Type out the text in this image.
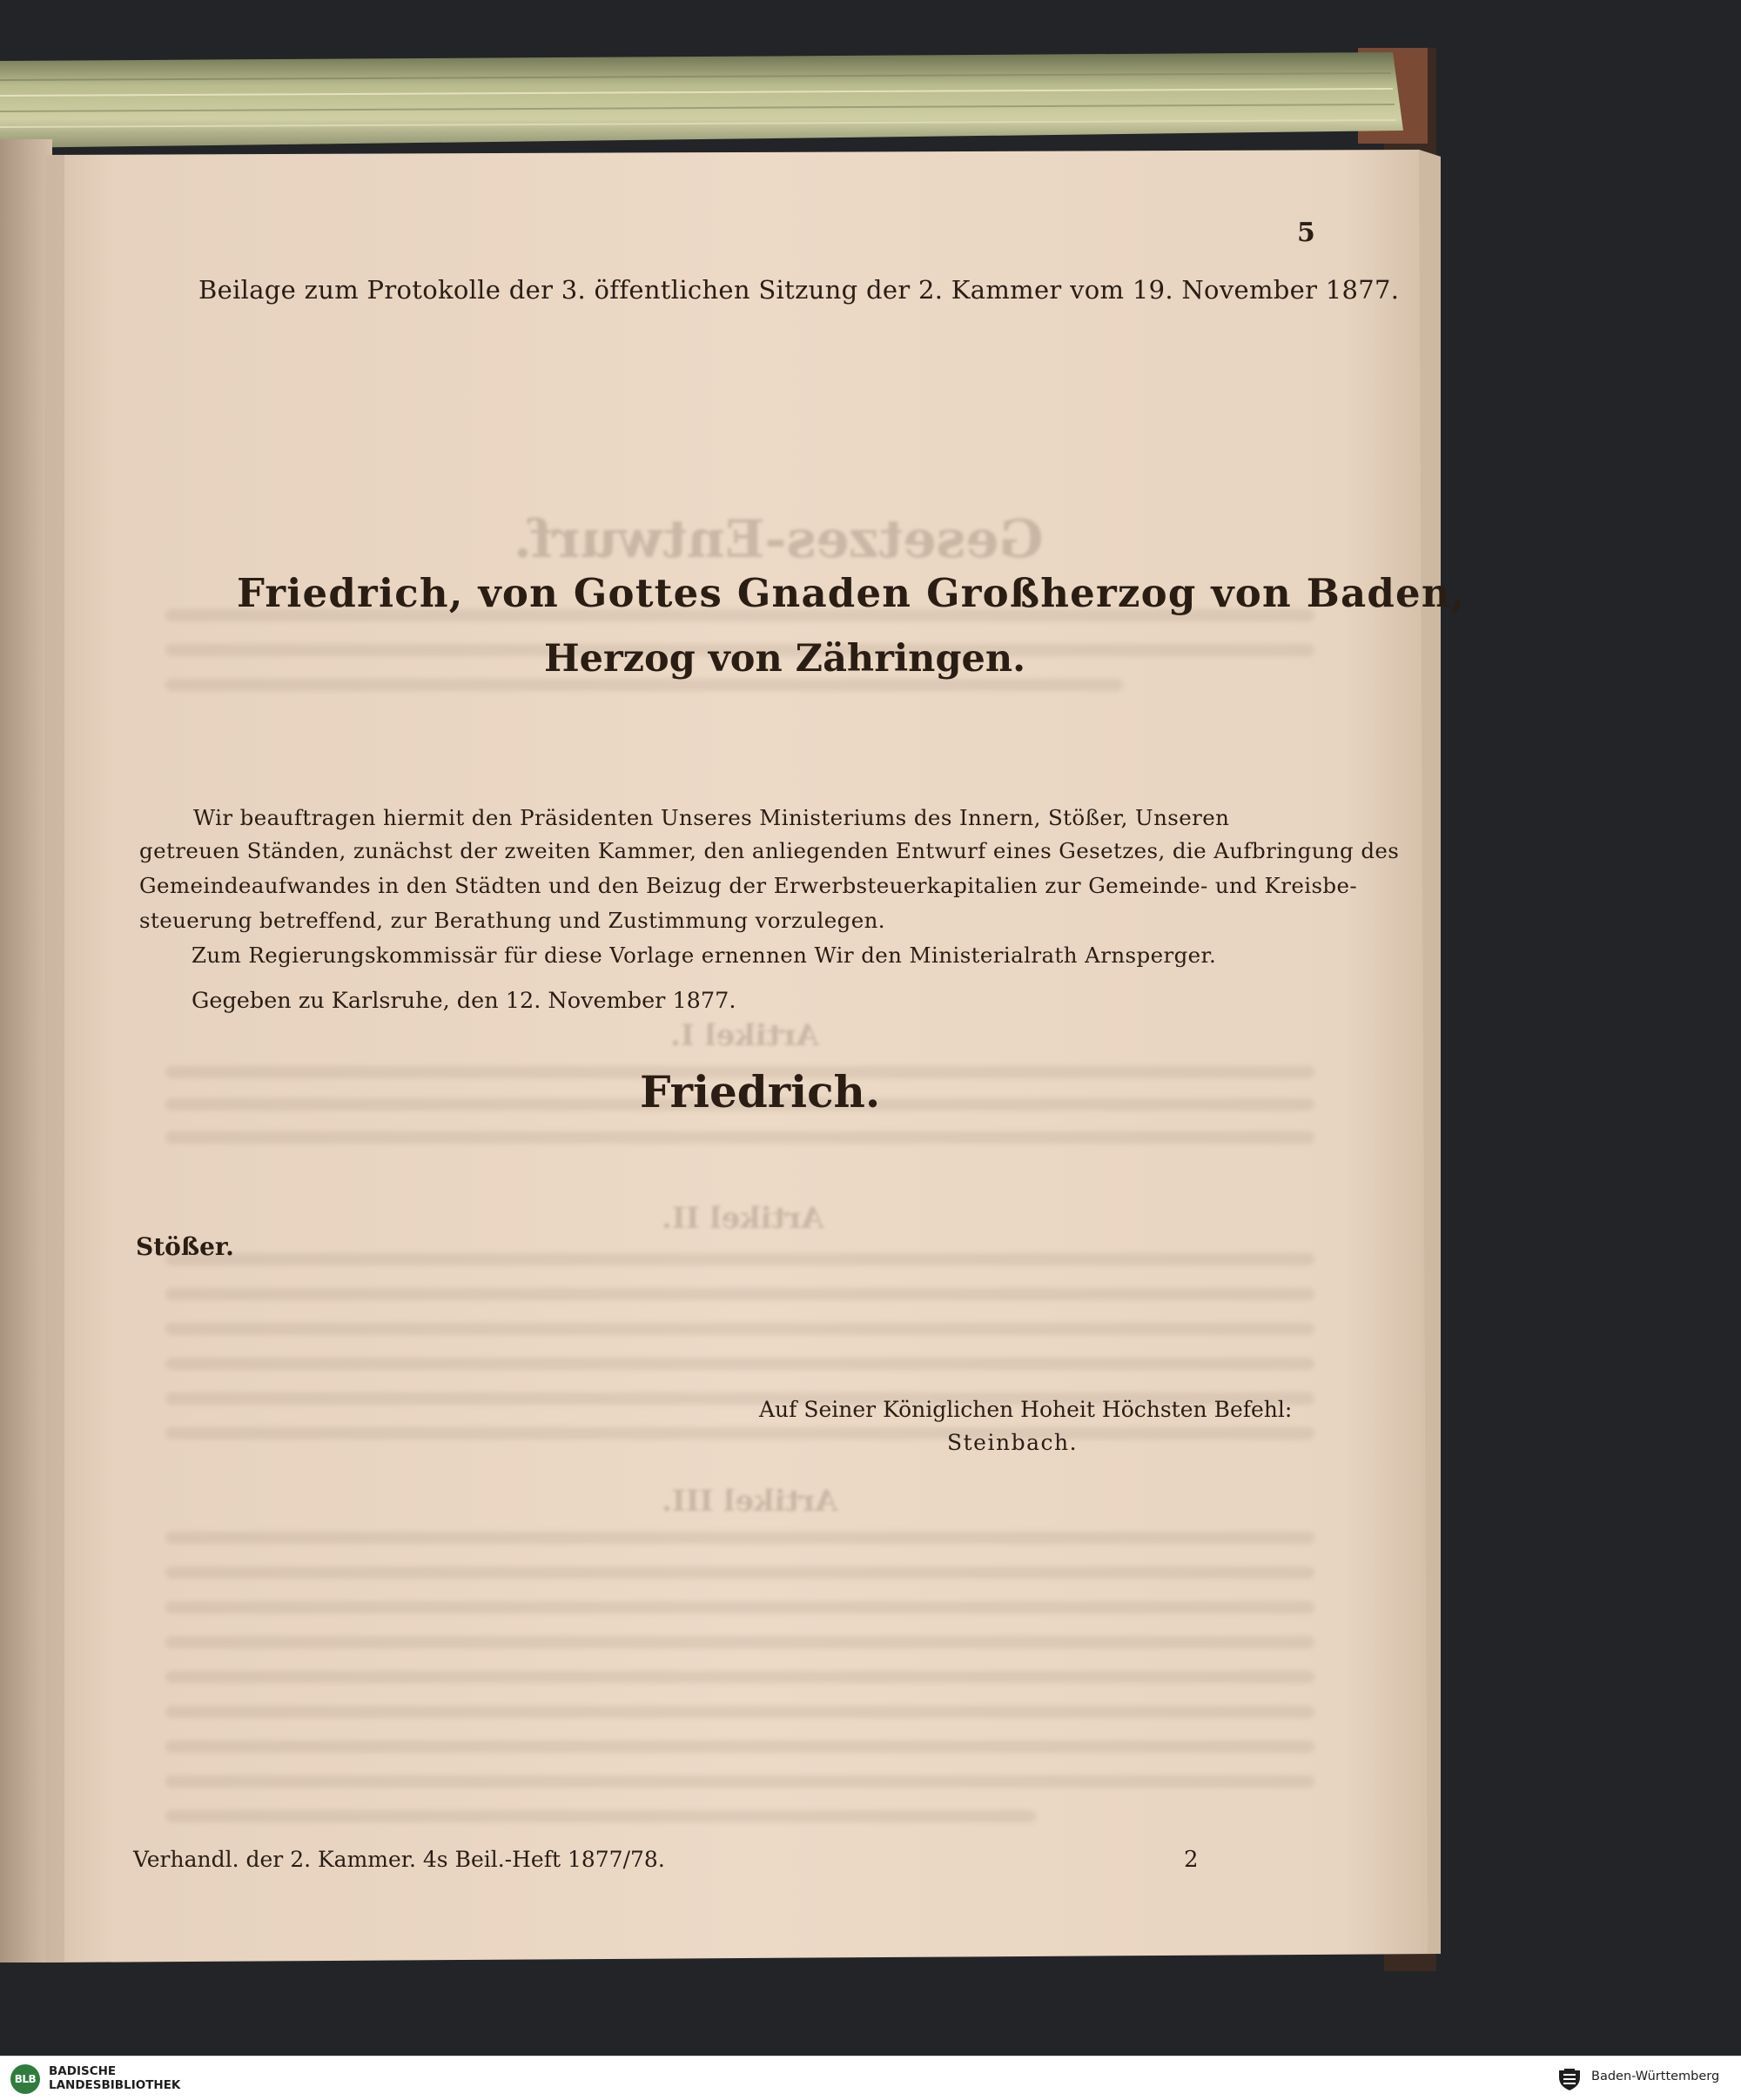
Gesetzes-Entwurf.
Artikel I.
Artikel II.
Artikel III.
5
Beilage zum Protokolle der 3. öffentlichen Sitzung der 2. Kammer vom 19. November 1877.
Friedrich, von Gottes Gnaden Großherzog von Baden,
Herzog von Zähringen.
Wir beauftragen hiermit den Präsidenten Unseres Ministeriums des Innern, Stößer, Unseren
getreuen Ständen, zunächst der zweiten Kammer, den anliegenden Entwurf eines Gesetzes, die Aufbringung des
Gemeindeaufwandes in den Städten und den Beizug der Erwerbsteuerkapitalien zur Gemeinde- und Kreisbe-
steuerung betreffend, zur Berathung und Zustimmung vorzulegen.
Zum Regierungskommissär für diese Vorlage ernennen Wir den Ministerialrath Arnsperger.
Gegeben zu Karlsruhe, den 12. November 1877.
Friedrich.
Stößer.
Auf Seiner Königlichen Hoheit Höchsten Befehl:
Steinbach.
Verhandl. der 2. Kammer. 4s Beil.-Heft 1877/78.	2
BLB
BADISCHE
LANDESBIBLIOTHEK
Baden-Württemberg
